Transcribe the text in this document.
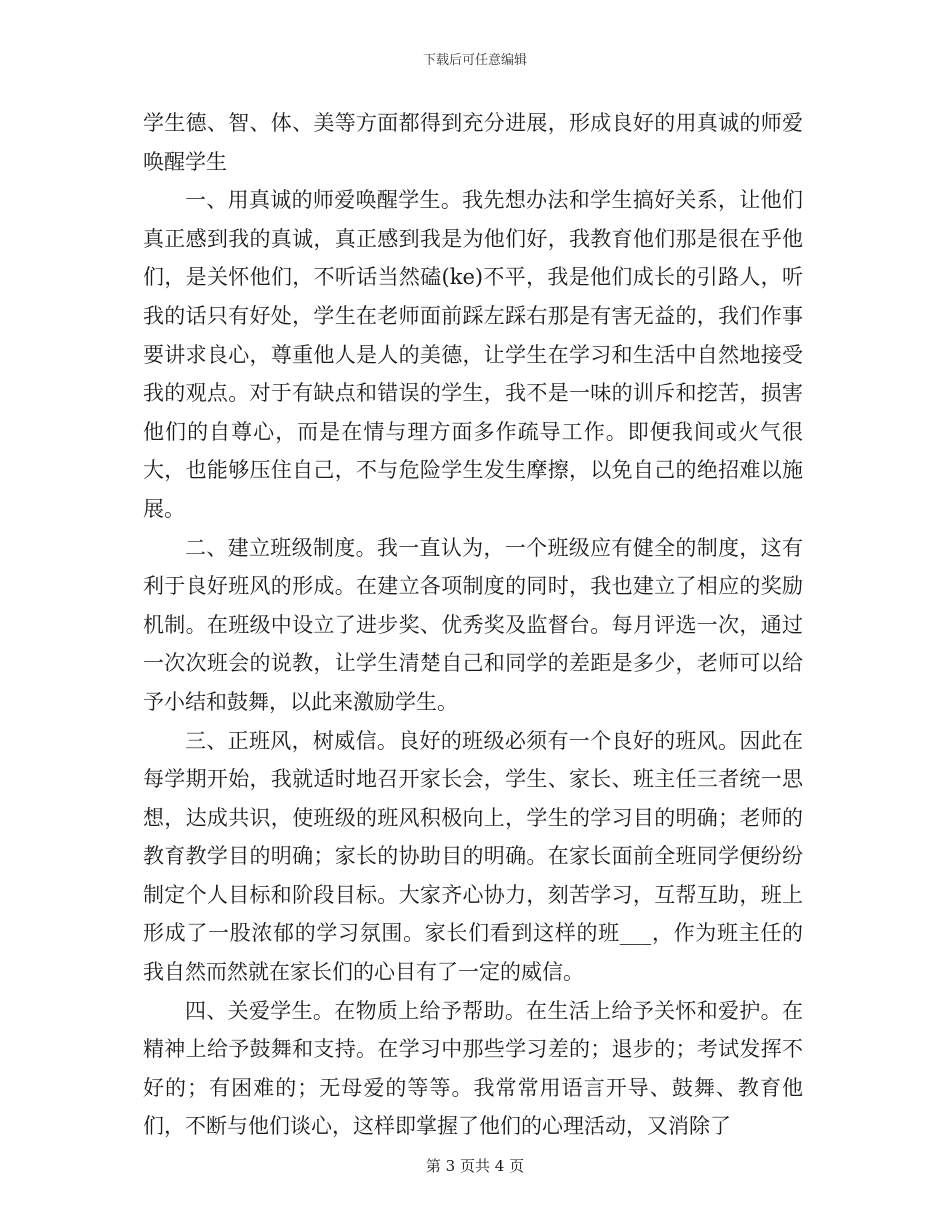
下载后可任意编辑

学生德、智、体、美等方面都得到充分进展，形成良好的用真诚的师爱唤醒学生

一、用真诚的师爱唤醒学生。我先想办法和学生搞好关系，让他们真正感到我的真诚，真正感到我是为他们好，我教育他们那是很在乎他们，是关怀他们，不听话当然磕(ke)不平，我是他们成长的引路人，听我的话只有好处，学生在老师面前踩左踩右那是有害无益的，我们作事要讲求良心，尊重他人是人的美德，让学生在学习和生活中自然地接受我的观点。对于有缺点和错误的学生，我不是一味的训斥和挖苦，损害他们的自尊心，而是在情与理方面多作疏导工作。即便我间或火气很大，也能够压住自己，不与危险学生发生摩擦，以免自己的绝招难以施展。

二、建立班级制度。我一直认为，一个班级应有健全的制度，这有利于良好班风的形成。在建立各项制度的同时，我也建立了相应的奖励机制。在班级中设立了进步奖、优秀奖及监督台。每月评选一次，通过一次次班会的说教，让学生清楚自己和同学的差距是多少，老师可以给予小结和鼓舞，以此来激励学生。

三、正班风，树威信。良好的班级必须有一个良好的班风。因此在每学期开始，我就适时地召开家长会，学生、家长、班主任三者统一思想，达成共识，使班级的班风积极向上，学生的学习目的明确；老师的教育教学目的明确；家长的协助目的明确。在家长面前全班同学便纷纷制定个人目标和阶段目标。大家齐心协力，刻苦学习，互帮互助，班上形成了一股浓郁的学习氛围。家长们看到这样的班___，作为班主任的我自然而然就在家长们的心目有了一定的威信。

四、关爱学生。在物质上给予帮助。在生活上给予关怀和爱护。在精神上给予鼓舞和支持。在学习中那些学习差的；退步的；考试发挥不好的；有困难的；无母爱的等等。我常常用语言开导、鼓舞、教育他们，不断与他们谈心，这样即掌握了他们的心理活动，又消除了

第 3 页共 4 页
